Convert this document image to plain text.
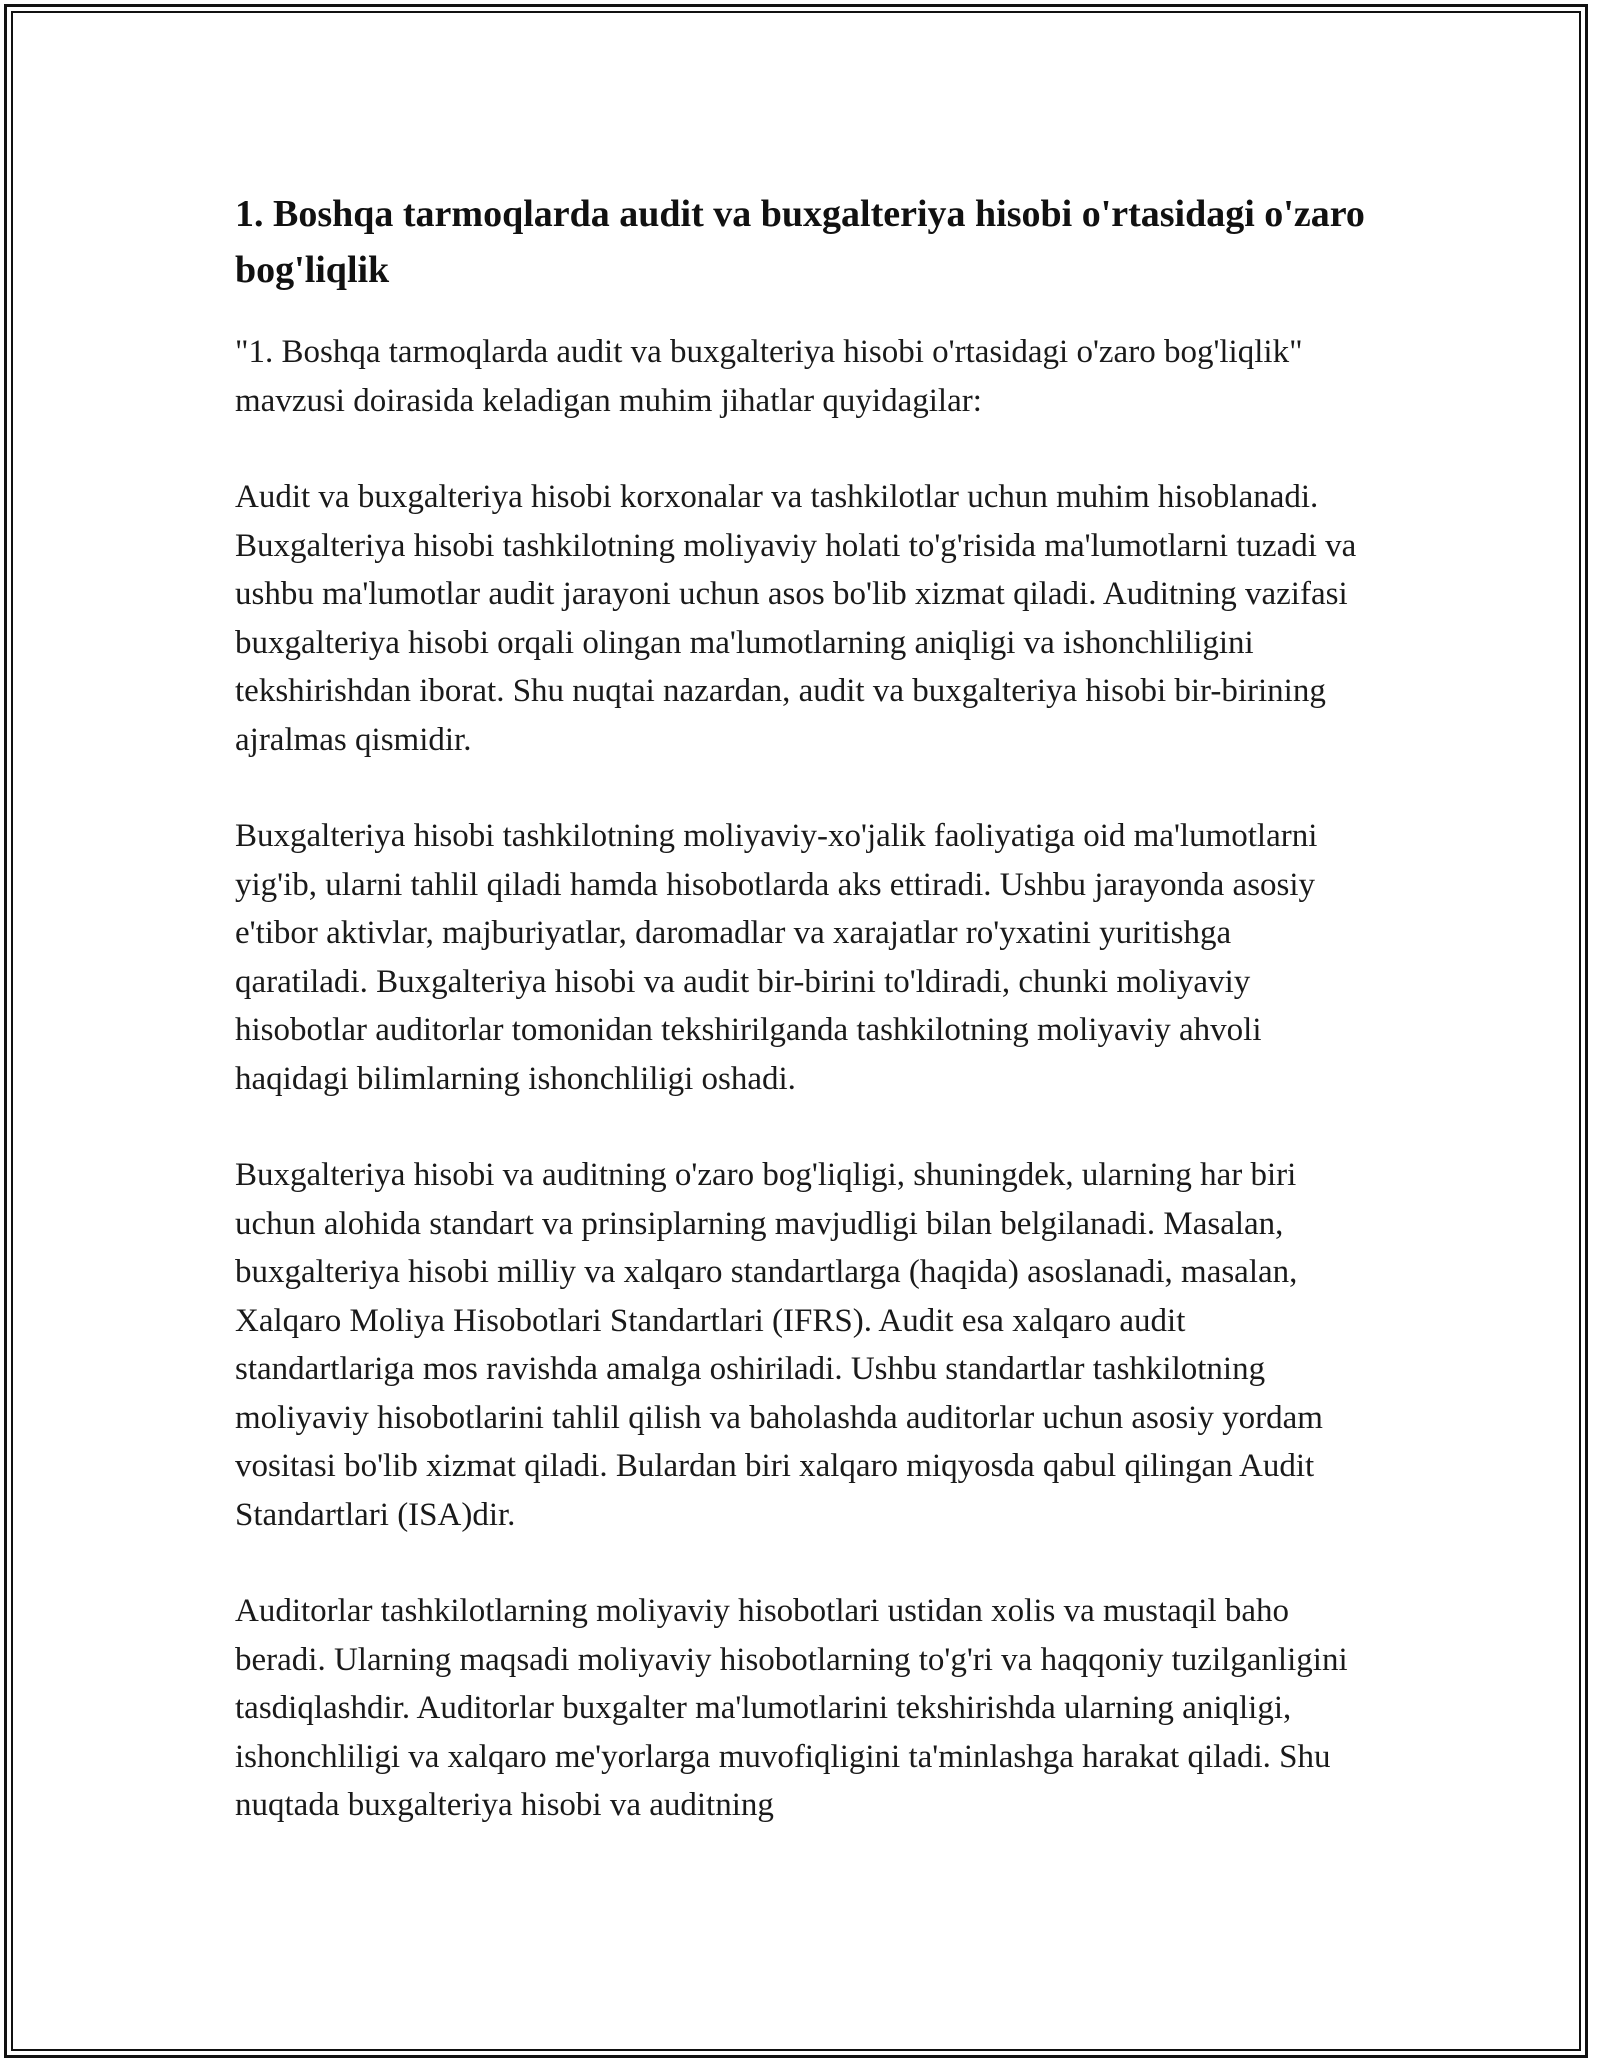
1. Boshqa tarmoqlarda audit va buxgalteriya hisobi o'rtasidagi o'zaro bog'liqlik

"1. Boshqa tarmoqlarda audit va buxgalteriya hisobi o'rtasidagi o'zaro bog'liqlik" mavzusi doirasida keladigan muhim jihatlar quyidagilar:

Audit va buxgalteriya hisobi korxonalar va tashkilotlar uchun muhim hisoblanadi. Buxgalteriya hisobi tashkilotning moliyaviy holati to'g'risida ma'lumotlarni tuzadi va ushbu ma'lumotlar audit jarayoni uchun asos bo'lib xizmat qiladi. Auditning vazifasi buxgalteriya hisobi orqali olingan ma'lumotlarning aniqligi va ishonchliligini tekshirishdan iborat. Shu nuqtai nazardan, audit va buxgalteriya hisobi bir-birining ajralmas qismidir.

Buxgalteriya hisobi tashkilotning moliyaviy-xo'jalik faoliyatiga oid ma'lumotlarni yig'ib, ularni tahlil qiladi hamda hisobotlarda aks ettiradi. Ushbu jarayonda asosiy e'tibor aktivlar, majburiyatlar, daromadlar va xarajatlar ro'yxatini yuritishga qaratiladi. Buxgalteriya hisobi va audit bir-birini to'ldiradi, chunki moliyaviy hisobotlar auditorlar tomonidan tekshirilganda tashkilotning moliyaviy ahvoli haqidagi bilimlarning ishonchliligi oshadi.

Buxgalteriya hisobi va auditning o'zaro bog'liqligi, shuningdek, ularning har biri uchun alohida standart va prinsiplarning mavjudligi bilan belgilanadi. Masalan, buxgalteriya hisobi milliy va xalqaro standartlarga (haqida) asoslanadi, masalan, Xalqaro Moliya Hisobotlari Standartlari (IFRS). Audit esa xalqaro audit standartlariga mos ravishda amalga oshiriladi. Ushbu standartlar tashkilotning moliyaviy hisobotlarini tahlil qilish va baholashda auditorlar uchun asosiy yordam vositasi bo'lib xizmat qiladi. Bulardan biri xalqaro miqyosda qabul qilingan Audit Standartlari (ISA)dir.

Auditorlar tashkilotlarning moliyaviy hisobotlari ustidan xolis va mustaqil baho beradi. Ularning maqsadi moliyaviy hisobotlarning to'g'ri va haqqoniy tuzilganligini tasdiqlashdir. Auditorlar buxgalter ma'lumotlarini tekshirishda ularning aniqligi, ishonchliligi va xalqaro me'yorlarga muvofiqligini ta'minlashga harakat qiladi. Shu nuqtada buxgalteriya hisobi va auditning
